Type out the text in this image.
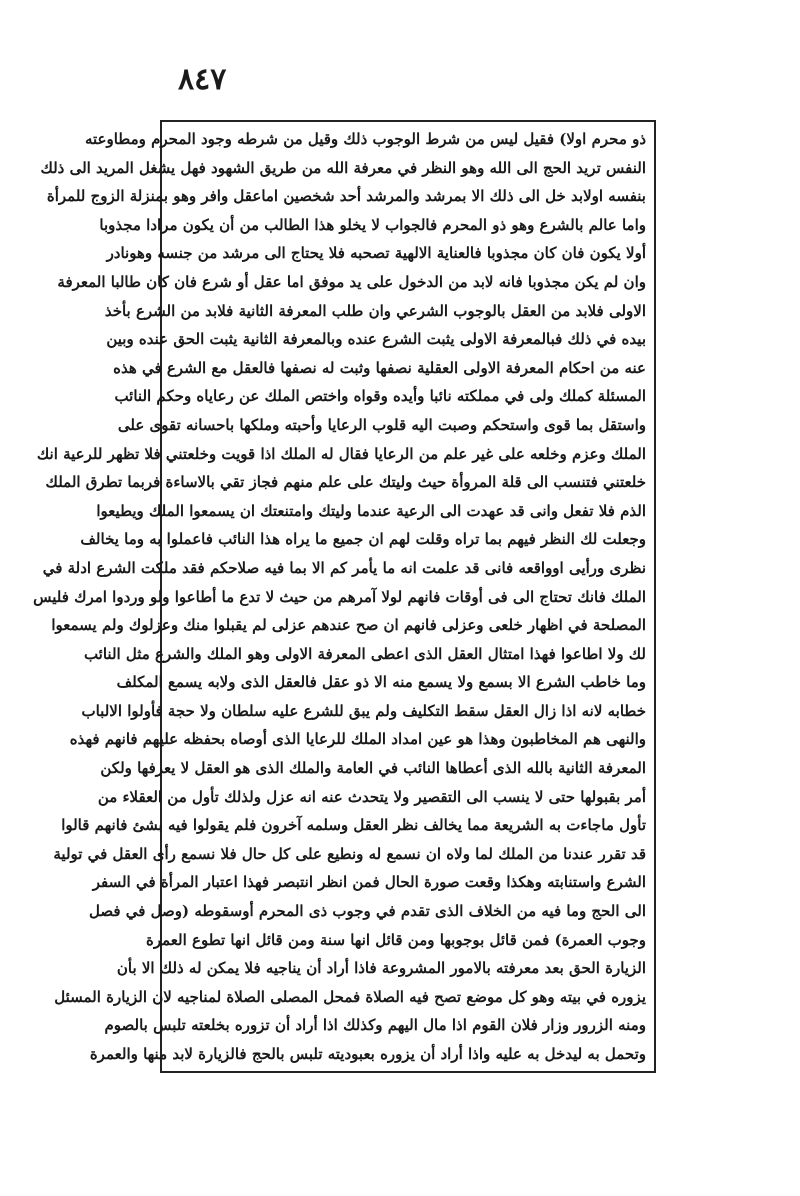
٨٤٧
ذو محرم اولا) فقيل ليس من شرط الوجوب ذلك وقيل من شرطه وجود المحرم ومطاوعته
النفس تريد الحج الى الله وهو النظر في معرفة الله من طريق الشهود فهل يشغل المريد الى ذلك
بنفسه اولابد خل الى ذلك الا بمرشد والمرشد أحد شخصين اماعقل وافر وهو بمنزلة الزوج للمرأة
واما عالم بالشرع وهو ذو المحرم فالجواب لا يخلو هذا الطالب من أن يكون مرادا مجذوبا
أولا يكون فان كان مجذوبا فالعناية الالهية تصحبه فلا يحتاج الى مرشد من جنسه وهونادر
وان لم يكن مجذوبا فانه لابد من الدخول على يد موفق اما عقل أو شرع فان كان طالبا المعرفة
الاولى فلابد من العقل بالوجوب الشرعي وان طلب المعرفة الثانية فلابد من الشرع بأخذ
بيده في ذلك فبالمعرفة الاولى يثبت الشرع عنده وبالمعرفة الثانية يثبت الحق عنده وبين
عنه من احكام المعرفة الاولى العقلية نصفها وثبت له نصفها فالعقل مع الشرع في هذه
المسئلة كملك ولى في مملكته نائبا وأيده وقواه واختص الملك عن رعاياه وحكم النائب
واستقل بما قوى واستحكم وصبت اليه قلوب الرعايا وأحبته وملكها باحسانه تقوى على
الملك وعزم وخلعه على غير علم من الرعايا فقال له الملك اذا قويت وخلعتني فلا تظهر للرعية انك
خلعتني فتنسب الى قلة المروأة حيث وليتك على علم منهم فجاز تقي بالاساءة فربما تطرق الملك
الذم فلا تفعل وانى قد عهدت الى الرعية عندما وليتك وامتنعتك ان يسمعوا الملك ويطيعوا
وجعلت لك النظر فيهم بما تراه وقلت لهم ان جميع ما يراه هذا النائب فاعملوا به وما يخالف
نظرى ورأيى اوواقعه فانى قد علمت انه ما يأمر كم الا بما فيه صلاحكم فقد ملكت الشرع ادلة في
الملك فانك تحتاج الى فى أوقات فانهم لولا آمرهم من حيث لا تدع ما أطاعوا ولو وردوا امرك فليس
المصلحة في اظهار خلعى وعزلى فانهم ان صح عندهم عزلى لم يقبلوا منك وعزلوك ولم يسمعوا
لك ولا اطاعوا فهذا امتثال العقل الذى اعطى المعرفة الاولى وهو الملك والشرع مثل النائب
وما خاطب الشرع الا بسمع ولا يسمع منه الا ذو عقل فالعقل الذى ولابه يسمع المكلف
خطابه لانه اذا زال العقل سقط التكليف ولم يبق للشرع عليه سلطان ولا حجة فأولوا الالباب
والنهى هم المخاطبون وهذا هو عين امداد الملك للرعايا الذى أوصاه بحفظه عليهم فانهم فهذه
المعرفة الثانية بالله الذى أعطاها النائب في العامة والملك الذى هو العقل لا يعرفها ولكن
أمر بقبولها حتى لا ينسب الى التقصير ولا يتحدث عنه انه عزل ولذلك تأول من العقلاء من
تأول ماجاءت به الشريعة مما يخالف نظر العقل وسلمه آخرون فلم يقولوا فيه بشئ فانهم قالوا
قد تقرر عندنا من الملك لما ولاه ان نسمع له ونطيع على كل حال فلا نسمع رأى العقل في تولية
الشرع واستنابته وهكذا وقعت صورة الحال فمن انظر انتبصر فهذا اعتبار المرأة في السفر
الى الحج وما فيه من الخلاف الذى تقدم في وجوب ذى المحرم أوسقوطه (وصل في فصل
وجوب العمرة) فمن قائل بوجوبها ومن قائل انها سنة ومن قائل انها تطوع العمرة
الزيارة الحق بعد معرفته بالامور المشروعة فاذا أراد أن يناجيه فلا يمكن له ذلك الا بأن
يزوره في بيته وهو كل موضع تصح فيه الصلاة فمحل المصلى الصلاة لمناجيه لان الزيارة المسئل
ومنه الزرور وزار فلان القوم اذا مال اليهم وكذلك اذا أراد أن تزوره بخلعته تلبس بالصوم
وتحمل به ليدخل به عليه واذا أراد أن يزوره بعبوديته تلبس بالحج فالزيارة لابد منها والعمرة
